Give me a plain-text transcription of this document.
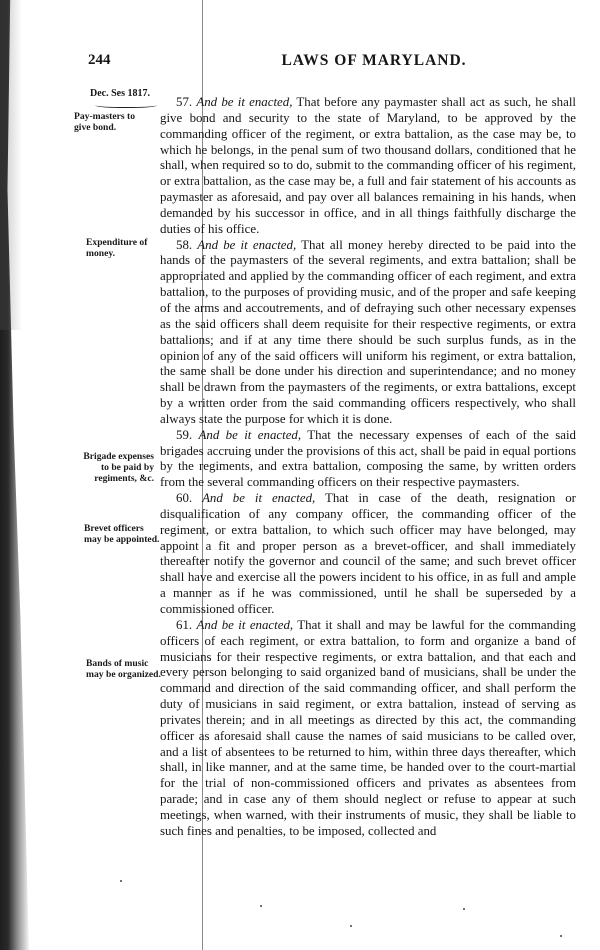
244	LAWS OF MARYLAND.
Dec. Ses 1817.
Pay-masters to give bond.
Expenditure of money.
Brigade expenses to be paid by regiments, &c.
Brevet officers may be appointed.
Bands of music may be organized.

57. And be it enacted, That before any paymaster shall act as such, he shall give bond and security to the state of Maryland, to be approved by the commanding officer of the regiment, or extra battalion, as the case may be, to which he belongs, in the penal sum of two thousand dollars, conditioned that he shall, when required so to do, submit to the commanding officer of his regiment, or extra battalion, as the case may be, a full and fair statement of his accounts as paymaster as aforesaid, and pay over all balances remaining in his hands, when demanded by his successor in office, and in all things faithfully discharge the duties of his office.

58. And be it enacted, That all money hereby directed to be paid into the hands of the paymasters of the several regiments, and extra battalion; shall be appropriated and applied by the commanding officer of each regiment, and extra battalion, to the purposes of providing music, and of the proper and safe keeping of the arms and accoutrements, and of defraying such other necessary expenses as the said officers shall deem requisite for their respective regiments, or extra battalions; and if at any time there should be such surplus funds, as in the opinion of any of the said officers will uniform his regiment, or extra battalion, the same shall be done under his direction and superintendance; and no money shall be drawn from the paymasters of the regiments, or extra battalions, except by a written order from the said commanding officers respectively, who shall always state the purpose for which it is done.

59. And be it enacted, That the necessary expenses of each of the said brigades accruing under the provisions of this act, shall be paid in equal portions by the regiments, and extra battalion, composing the same, by written orders from the several commanding officers on their respective paymasters.

60. And be it enacted, That in case of the death, resignation or disqualification of any company officer, the commanding officer of the regiment, or extra battalion, to which such officer may have belonged, may appoint a fit and proper person as a brevet-officer, and shall immediately thereafter notify the governor and council of the same; and such brevet officer shall have and exercise all the powers incident to his office, in as full and ample a manner as if he was commissioned, until he shall be superseded by a commissioned officer.

61. And be it enacted, That it shall and may be lawful for the commanding officers of each regiment, or extra battalion, to form and organize a band of musicians for their respective regiments, or extra battalion, and that each and every person belonging to said organized band of musicians, shall be under the command and direction of the said commanding officer, and shall perform the duty of musicians in said regiment, or extra battalion, instead of serving as privates therein; and in all meetings as directed by this act, the commanding officer as aforesaid shall cause the names of said musicians to be called over, and a list of absentees to be returned to him, within three days thereafter, which shall, in like manner, and at the same time, be handed over to the court-martial for the trial of non-commissioned officers and privates as absentees from parade; and in case any of them should neglect or refuse to appear at such meetings, when warned, with their instruments of music, they shall be liable to such fines and penalties, to be imposed, collected and
